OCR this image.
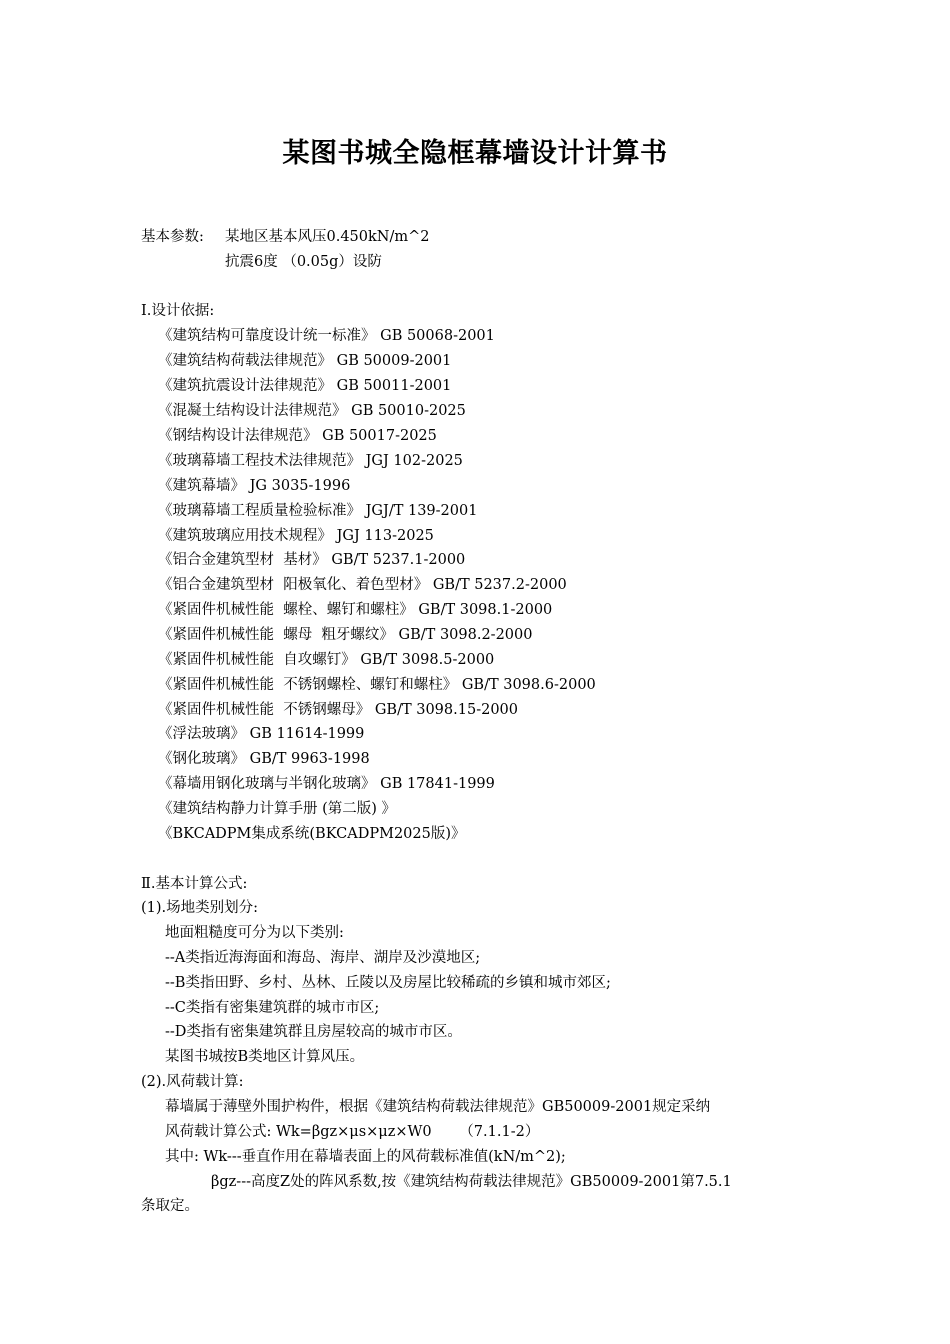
某图书城全隐框幕墙设计计算书
基本参数: 某地区基本风压0.450kN/m^2
抗震6度 （0.05g）设防
Ⅰ.设计依据:
《建筑结构可靠度设计统一标准》 GB 50068-2001
《建筑结构荷载法律规范》 GB 50009-2001
《建筑抗震设计法律规范》 GB 50011-2001
《混凝土结构设计法律规范》 GB 50010-2025
《钢结构设计法律规范》 GB 50017-2025
《玻璃幕墙工程技术法律规范》 JGJ 102-2025
《建筑幕墙》 JG 3035-1996
《玻璃幕墙工程质量检验标准》 JGJ/T 139-2001
《建筑玻璃应用技术规程》 JGJ 113-2025
《铝合金建筑型材  基材》 GB/T 5237.1-2000
《铝合金建筑型材  阳极氧化、着色型材》 GB/T 5237.2-2000
《紧固件机械性能  螺栓、螺钉和螺柱》 GB/T 3098.1-2000
《紧固件机械性能  螺母  粗牙螺纹》 GB/T 3098.2-2000
《紧固件机械性能  自攻螺钉》 GB/T 3098.5-2000
《紧固件机械性能  不锈钢螺栓、螺钉和螺柱》 GB/T 3098.6-2000
《紧固件机械性能  不锈钢螺母》 GB/T 3098.15-2000
《浮法玻璃》 GB 11614-1999
《钢化玻璃》 GB/T 9963-1998
《幕墙用钢化玻璃与半钢化玻璃》 GB 17841-1999
《建筑结构静力计算手册 (第二版) 》
《BKCADPM集成系统(BKCADPM2025版)》
Ⅱ.基本计算公式:
(1).场地类别划分:
地面粗糙度可分为以下类别:
--A类指近海海面和海岛、海岸、湖岸及沙漠地区;
--B类指田野、乡村、丛林、丘陵以及房屋比较稀疏的乡镇和城市郊区;
--C类指有密集建筑群的城市市区;
--D类指有密集建筑群且房屋较高的城市市区。
某图书城按B类地区计算风压。
(2).风荷载计算:
幕墙属于薄壁外围护构件，根据《建筑结构荷载法律规范》GB50009-2001规定采纳
风荷载计算公式: Wk=βgz×μs×μz×W0      （7.1.1-2）
其中: Wk---垂直作用在幕墙表面上的风荷载标准值(kN/m^2);
βgz---高度Z处的阵风系数,按《建筑结构荷载法律规范》GB50009-2001第7.5.1
条取定。
